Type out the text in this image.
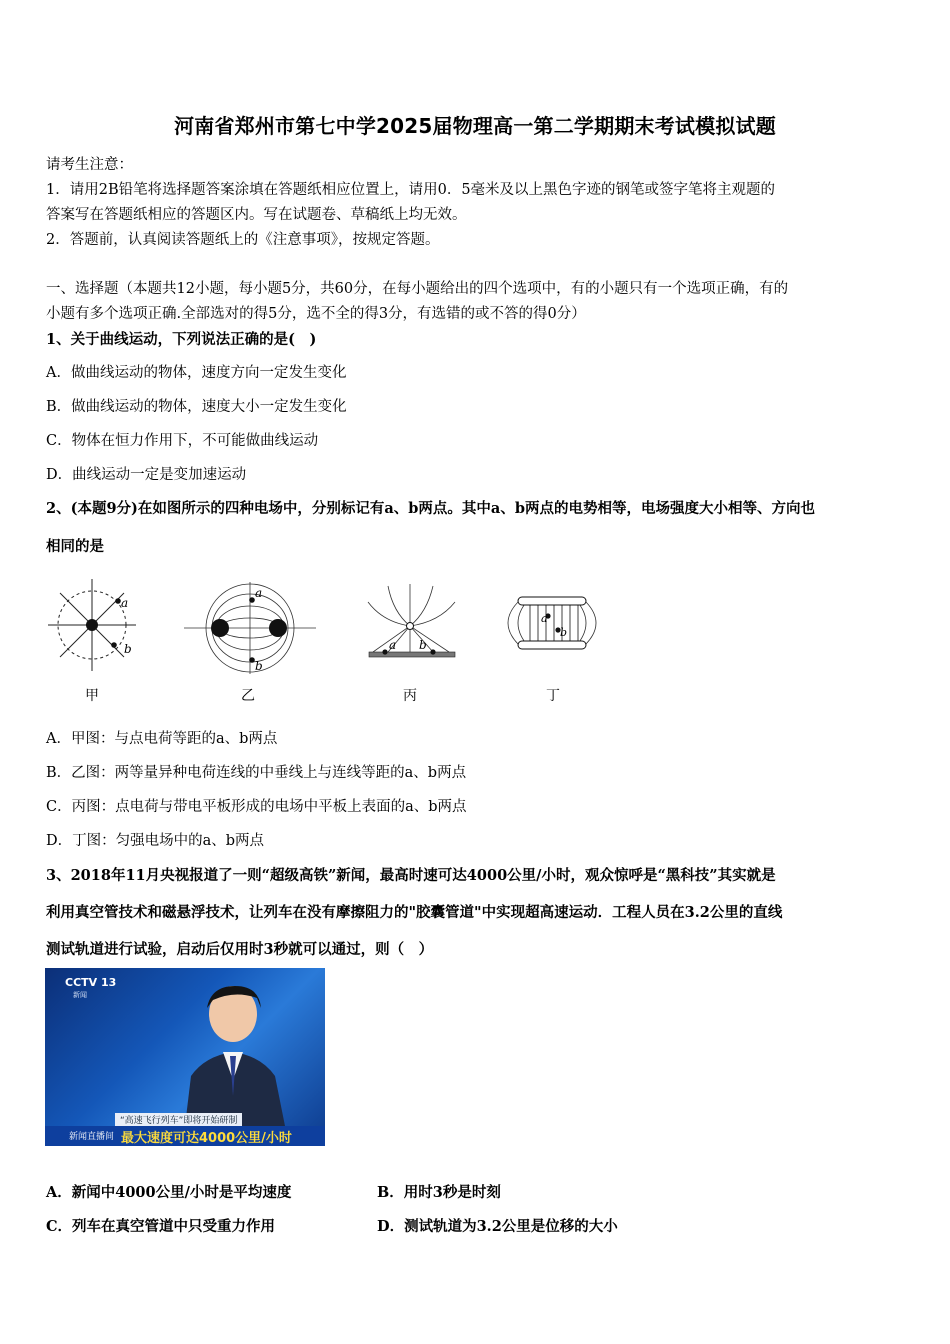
河南省郑州市第七中学2025届物理高一第二学期期末考试模拟试题
请考生注意：
1．请用2B铅笔将选择题答案涂填在答题纸相应位置上，请用0．5毫米及以上黑色字迹的钢笔或签字笔将主观题的
答案写在答题纸相应的答题区内。写在试题卷、草稿纸上均无效。
2．答题前，认真阅读答题纸上的《注意事项》，按规定答题。
一、选择题（本题共12小题，每小题5分，共60分，在每小题给出的四个选项中，有的小题只有一个选项正确，有的
小题有多个选项正确.全部选对的得5分，选不全的得3分，有选错的或不答的得0分）
1、关于曲线运动，下列说法正确的是(　)
A．做曲线运动的物体，速度方向一定发生变化
B．做曲线运动的物体，速度大小一定发生变化
C．物体在恒力作用下，不可能做曲线运动
D．曲线运动一定是变加速运动
2、(本题9分)在如图所示的四种电场中，分别标记有a、b两点。其中a、b两点的电势相等，电场强度大小相等、方向也
相同的是
a
b
甲
a
b
乙
a b
丙
a
b
丁
A．甲图：与点电荷等距的a、b两点
B．乙图：两等量异种电荷连线的中垂线上与连线等距的a、b两点
C．丙图：点电荷与带电平板形成的电场中平板上表面的a、b两点
D．丁图：匀强电场中的a、b两点
3、2018年11月央视报道了一则“超级高铁”新闻，最高时速可达4000公里/小时，观众惊呼是“黑科技”其实就是
利用真空管技术和磁悬浮技术，让列车在没有摩擦阻力的"胶囊管道"中实现超高速运动．工程人员在3.2公里的直线
测试轨道进行试验，启动后仅用时3秒就可以通过，则（　）
CCTV 13
新闻
“高速飞行列车”即将开始研制
新闻直播间 最大速度可达4000公里/小时
A．新闻中4000公里/小时是平均速度	B．用时3秒是时刻
C．列车在真空管道中只受重力作用	D．测试轨道为3.2公里是位移的大小
